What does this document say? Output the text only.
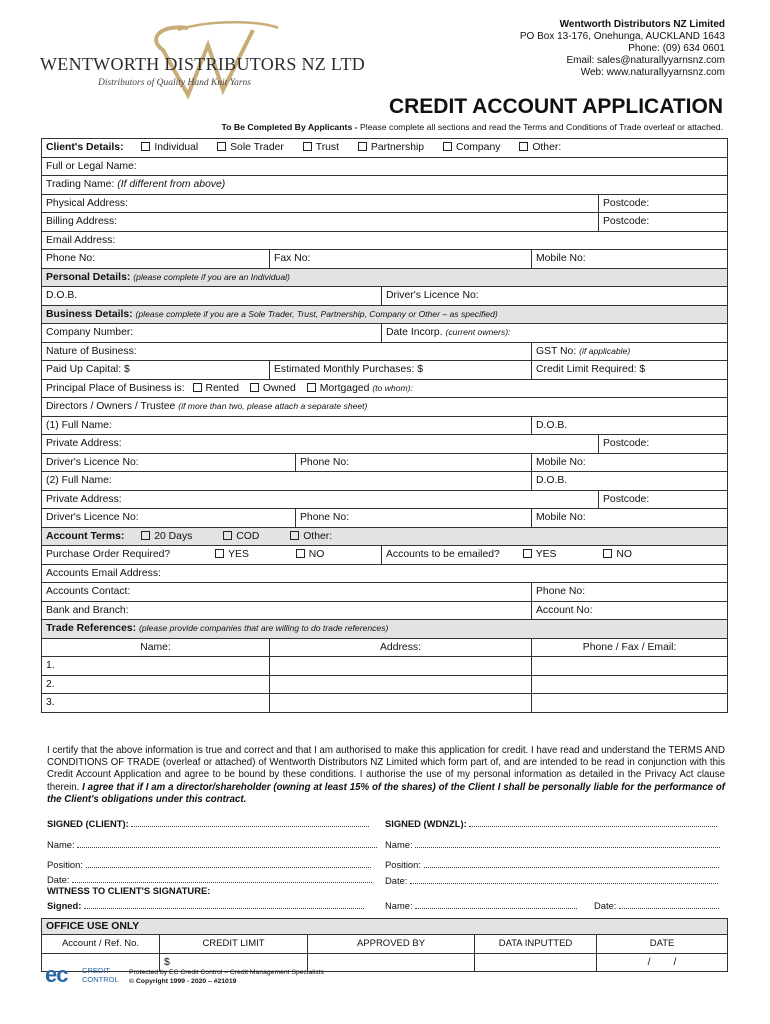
WENTWORTH DISTRIBUTORS NZ LTD
Distributors of Quality Hand Knit Yarns
Wentworth Distributors NZ Limited
PO Box 13-176, Onehunga, AUCKLAND 1643
Phone: (09) 634 0601
Email: sales@naturallyyarnsnz.com
Web: www.naturallyyarnsnz.com
CREDIT ACCOUNT APPLICATION
To Be Completed By Applicants - Please complete all sections and read the Terms and Conditions of Trade overleaf or attached.
Client's Details: Individual Sole Trader Trust Partnership Company Other:					
Full or Legal Name:					
Trading Name: (If different from above)					
Physical Address:					Postcode:
Billing Address:					Postcode:
Email Address:					
Phone No:	Fax No:			Mobile No:	
Personal Details: (please complete if you are an Individual)					
D.O.B.			Driver's Licence No:		
Business Details: (please complete if you are a Sole Trader, Trust, Partnership, Company or Other – as specified)					
Company Number:			Date Incorp. (current owners):		
Nature of Business:				GST No: (if applicable)	
Paid Up Capital: $	Estimated Monthly Purchases: $			Credit Limit Required: $	
Principal Place of Business is: Rented Owned Mortgaged (to whom):					
Directors / Owners / Trustee (if more than two, please attach a separate sheet)					
(1) Full Name:				D.O.B.	
Private Address:					Postcode:
Driver's Licence No:		Phone No:		Mobile No:	
(2) Full Name:				D.O.B.	
Private Address:					Postcode:
Driver's Licence No:		Phone No:		Mobile No:	
Account Terms: 20 Days COD Other:					
Purchase Order Required? YES NO			Accounts to be emailed? YES NO		
Accounts Email Address:					
Accounts Contact:				Phone No:	
Bank and Branch:				Account No:	
Trade References: (please provide companies that are willing to do trade references)					
Name:	Address:			Phone / Fax / Email:	
1.					
2.					
3.					
I certify that the above information is true and correct and that I am authorised to make this application for credit. I have read and understand the TERMS AND CONDITIONS OF TRADE (overleaf or attached) of Wentworth Distributors NZ Limited which form part of, and are intended to be read in conjunction with this Credit Account Application and agree to be bound by these conditions. I authorise the use of my personal information as detailed in the Privacy Act clause therein. I agree that if I am a director/shareholder (owning at least 15% of the shares) of the Client I shall be personally liable for the performance of the Client's obligations under this contract.
SIGNED (CLIENT):	SIGNED (WDNZL):
Name:	Name:
Position:	Position:
Date:	Date:
WITNESS TO CLIENT'S SIGNATURE:
Signed:	Name:	Date:
OFFICE USE ONLY				
Account / Ref. No.	CREDIT LIMIT	APPROVED BY	DATA INPUTTED	DATE
	$			/        /
ec CREDIT
CONTROL
Protected by EC Credit Control – Credit Management Specialists
© Copyright 1999 - 2020 – #21019
